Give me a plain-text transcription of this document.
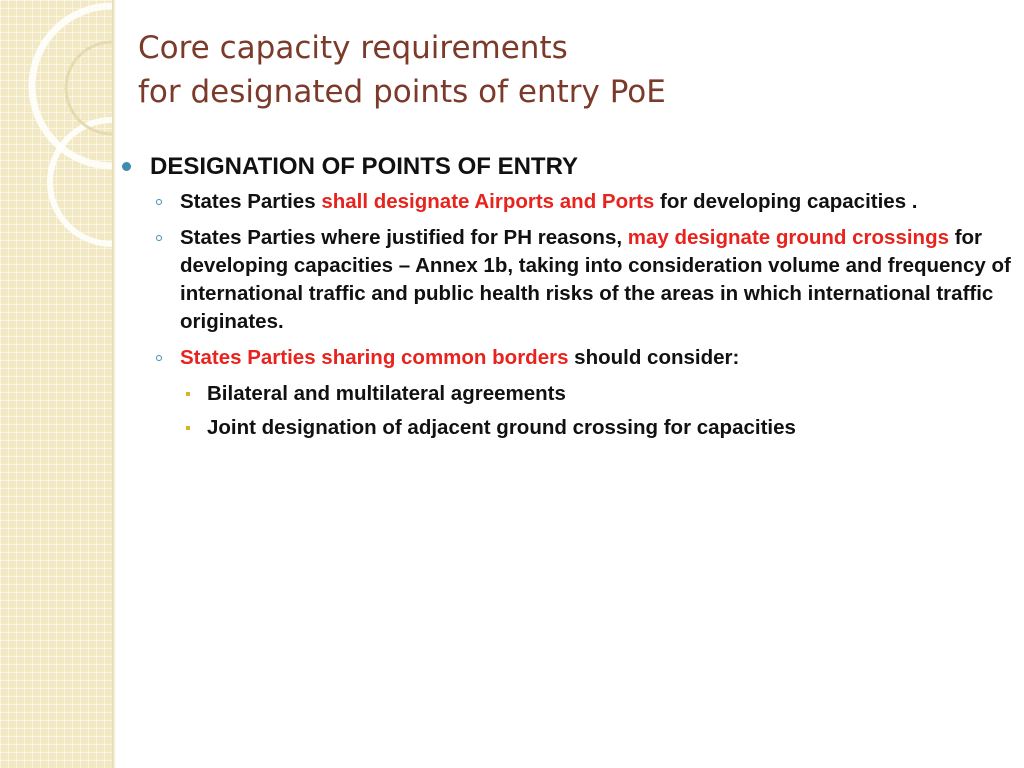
Core capacity requirements
for designated points of entry PoE

DESIGNATION OF POINTS OF ENTRY

States Parties shall designate Airports and Ports for developing capacities .

States Parties where justified for PH reasons, may designate ground crossings for developing capacities – Annex 1b, taking into consideration volume and frequency of international traffic and public health risks of the areas in which international traffic originates.

States Parties sharing common borders should consider:

Bilateral and multilateral agreements

Joint designation of adjacent ground crossing for capacities
